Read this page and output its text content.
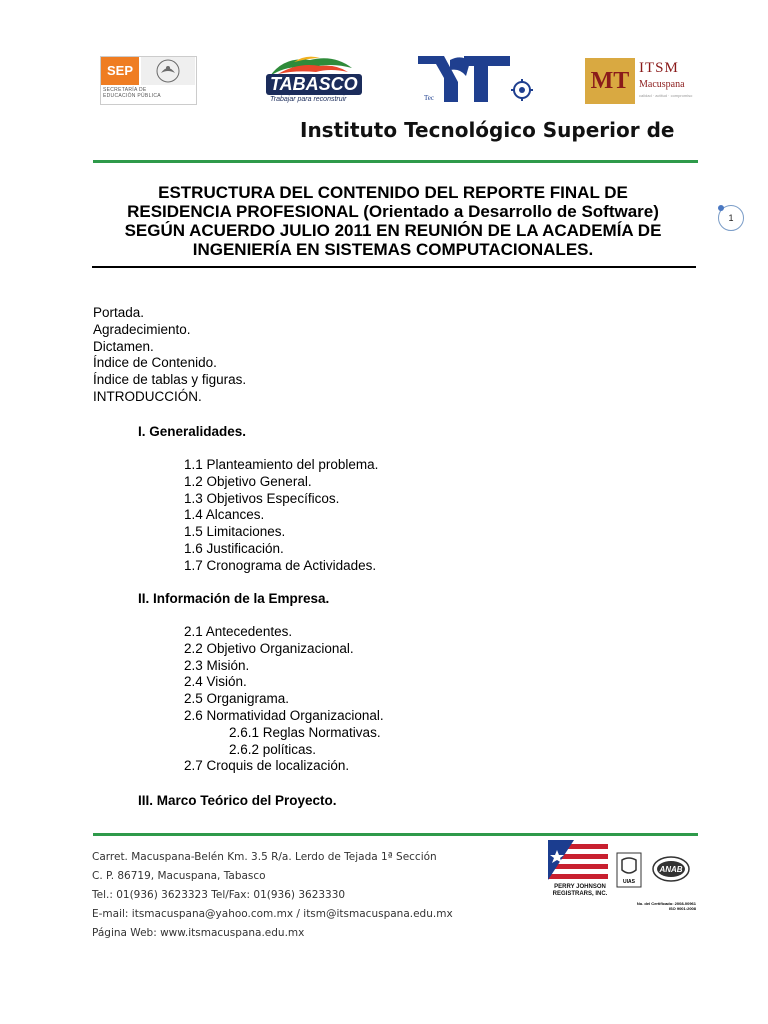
SEP
SECRETARÍA DE
EDUCACIÓN PÚBLICA
TABASCO
Trabajar para reconstruir	Tec
MT ITSM
Macuspana
calidad · actitud · compromiso
Instituto Tecnológico Superior de
1
ESTRUCTURA DEL CONTENIDO DEL REPORTE FINAL DE
RESIDENCIA PROFESIONAL (Orientado a Desarrollo de Software)
SEGÚN ACUERDO JULIO 2011 EN REUNIÓN DE LA ACADEMÍA DE
INGENIERÍA EN SISTEMAS COMPUTACIONALES.
Portada.
Agradecimiento.
Dictamen.
Índice de Contenido.
Índice de tablas y figuras.
INTRODUCCIÓN.
I. Generalidades.
1.1 Planteamiento del problema.
1.2 Objetivo General.
1.3 Objetivos Específicos.
1.4 Alcances.
1.5 Limitaciones.
1.6 Justificación.
1.7 Cronograma de Actividades.
II. Información de la Empresa.
2.1 Antecedentes.
2.2 Objetivo Organizacional.
2.3 Misión.
2.4 Visión.
2.5 Organigrama.
2.6 Normatividad Organizacional.
2.6.1 Reglas Normativas.
2.6.2 políticas.
2.7 Croquis de localización.
III. Marco Teórico del Proyecto.
Carret. Macuspana-Belén Km. 3.5 R/a. Lerdo de Tejada 1ª Sección
C. P. 86719, Macuspana, Tabasco
Tel.: 01(936) 3623323 Tel/Fax: 01(936) 3623330
E-mail: itsmacuspana@yahoo.com.mx / itsm@itsmacuspana.edu.mx
Página Web: www.itsmacuspana.edu.mx
PERRY JOHNSON
REGISTRARS, INC.
UIAS
ANAB
No. del Certificado: 2008-00961
ISO 9001:2008
